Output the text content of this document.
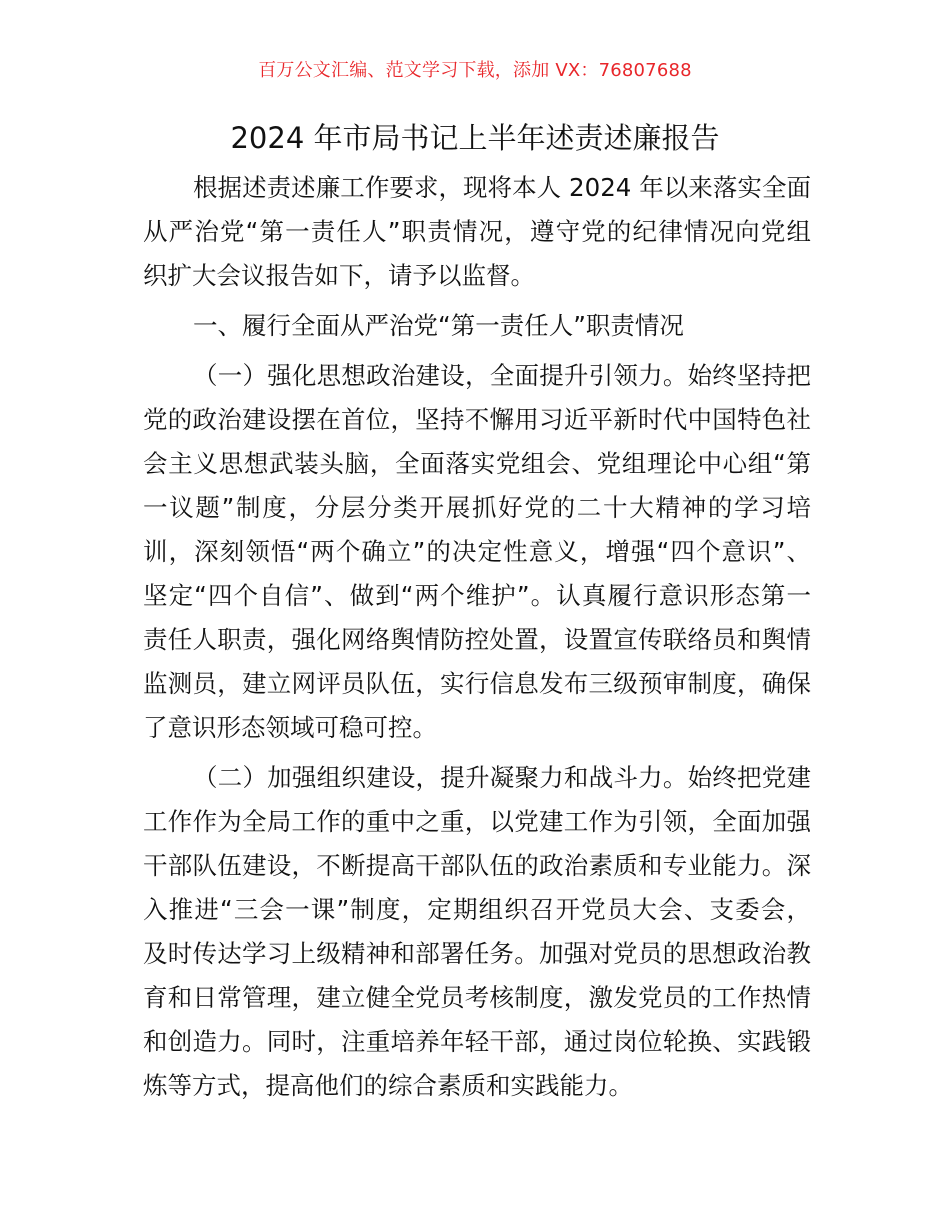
百万公文汇编、范文学习下载，添加 VX：76807688
2024 年市局书记上半年述责述廉报告
根据述责述廉工作要求，现将本人 2024 年以来落实全面
从严治党“第一责任人”职责情况，遵守党的纪律情况向党组
织扩大会议报告如下，请予以监督。
一、履行全面从严治党“第一责任人”职责情况
（一）强化思想政治建设，全面提升引领力。始终坚持把
党的政治建设摆在首位，坚持不懈用习近平新时代中国特色社
会主义思想武装头脑，全面落实党组会、党组理论中心组“第
一议题”制度，分层分类开展抓好党的二十大精神的学习培
训，深刻领悟“两个确立”的决定性意义，增强“四个意识”、
坚定“四个自信”、做到“两个维护”。认真履行意识形态第一
责任人职责，强化网络舆情防控处置，设置宣传联络员和舆情
监测员，建立网评员队伍，实行信息发布三级预审制度，确保
了意识形态领域可稳可控。
（二）加强组织建设，提升凝聚力和战斗力。始终把党建
工作作为全局工作的重中之重，以党建工作为引领，全面加强
干部队伍建设，不断提高干部队伍的政治素质和专业能力。深
入推进“三会一课”制度，定期组织召开党员大会、支委会，
及时传达学习上级精神和部署任务。加强对党员的思想政治教
育和日常管理，建立健全党员考核制度，激发党员的工作热情
和创造力。同时，注重培养年轻干部，通过岗位轮换、实践锻
炼等方式，提高他们的综合素质和实践能力。
